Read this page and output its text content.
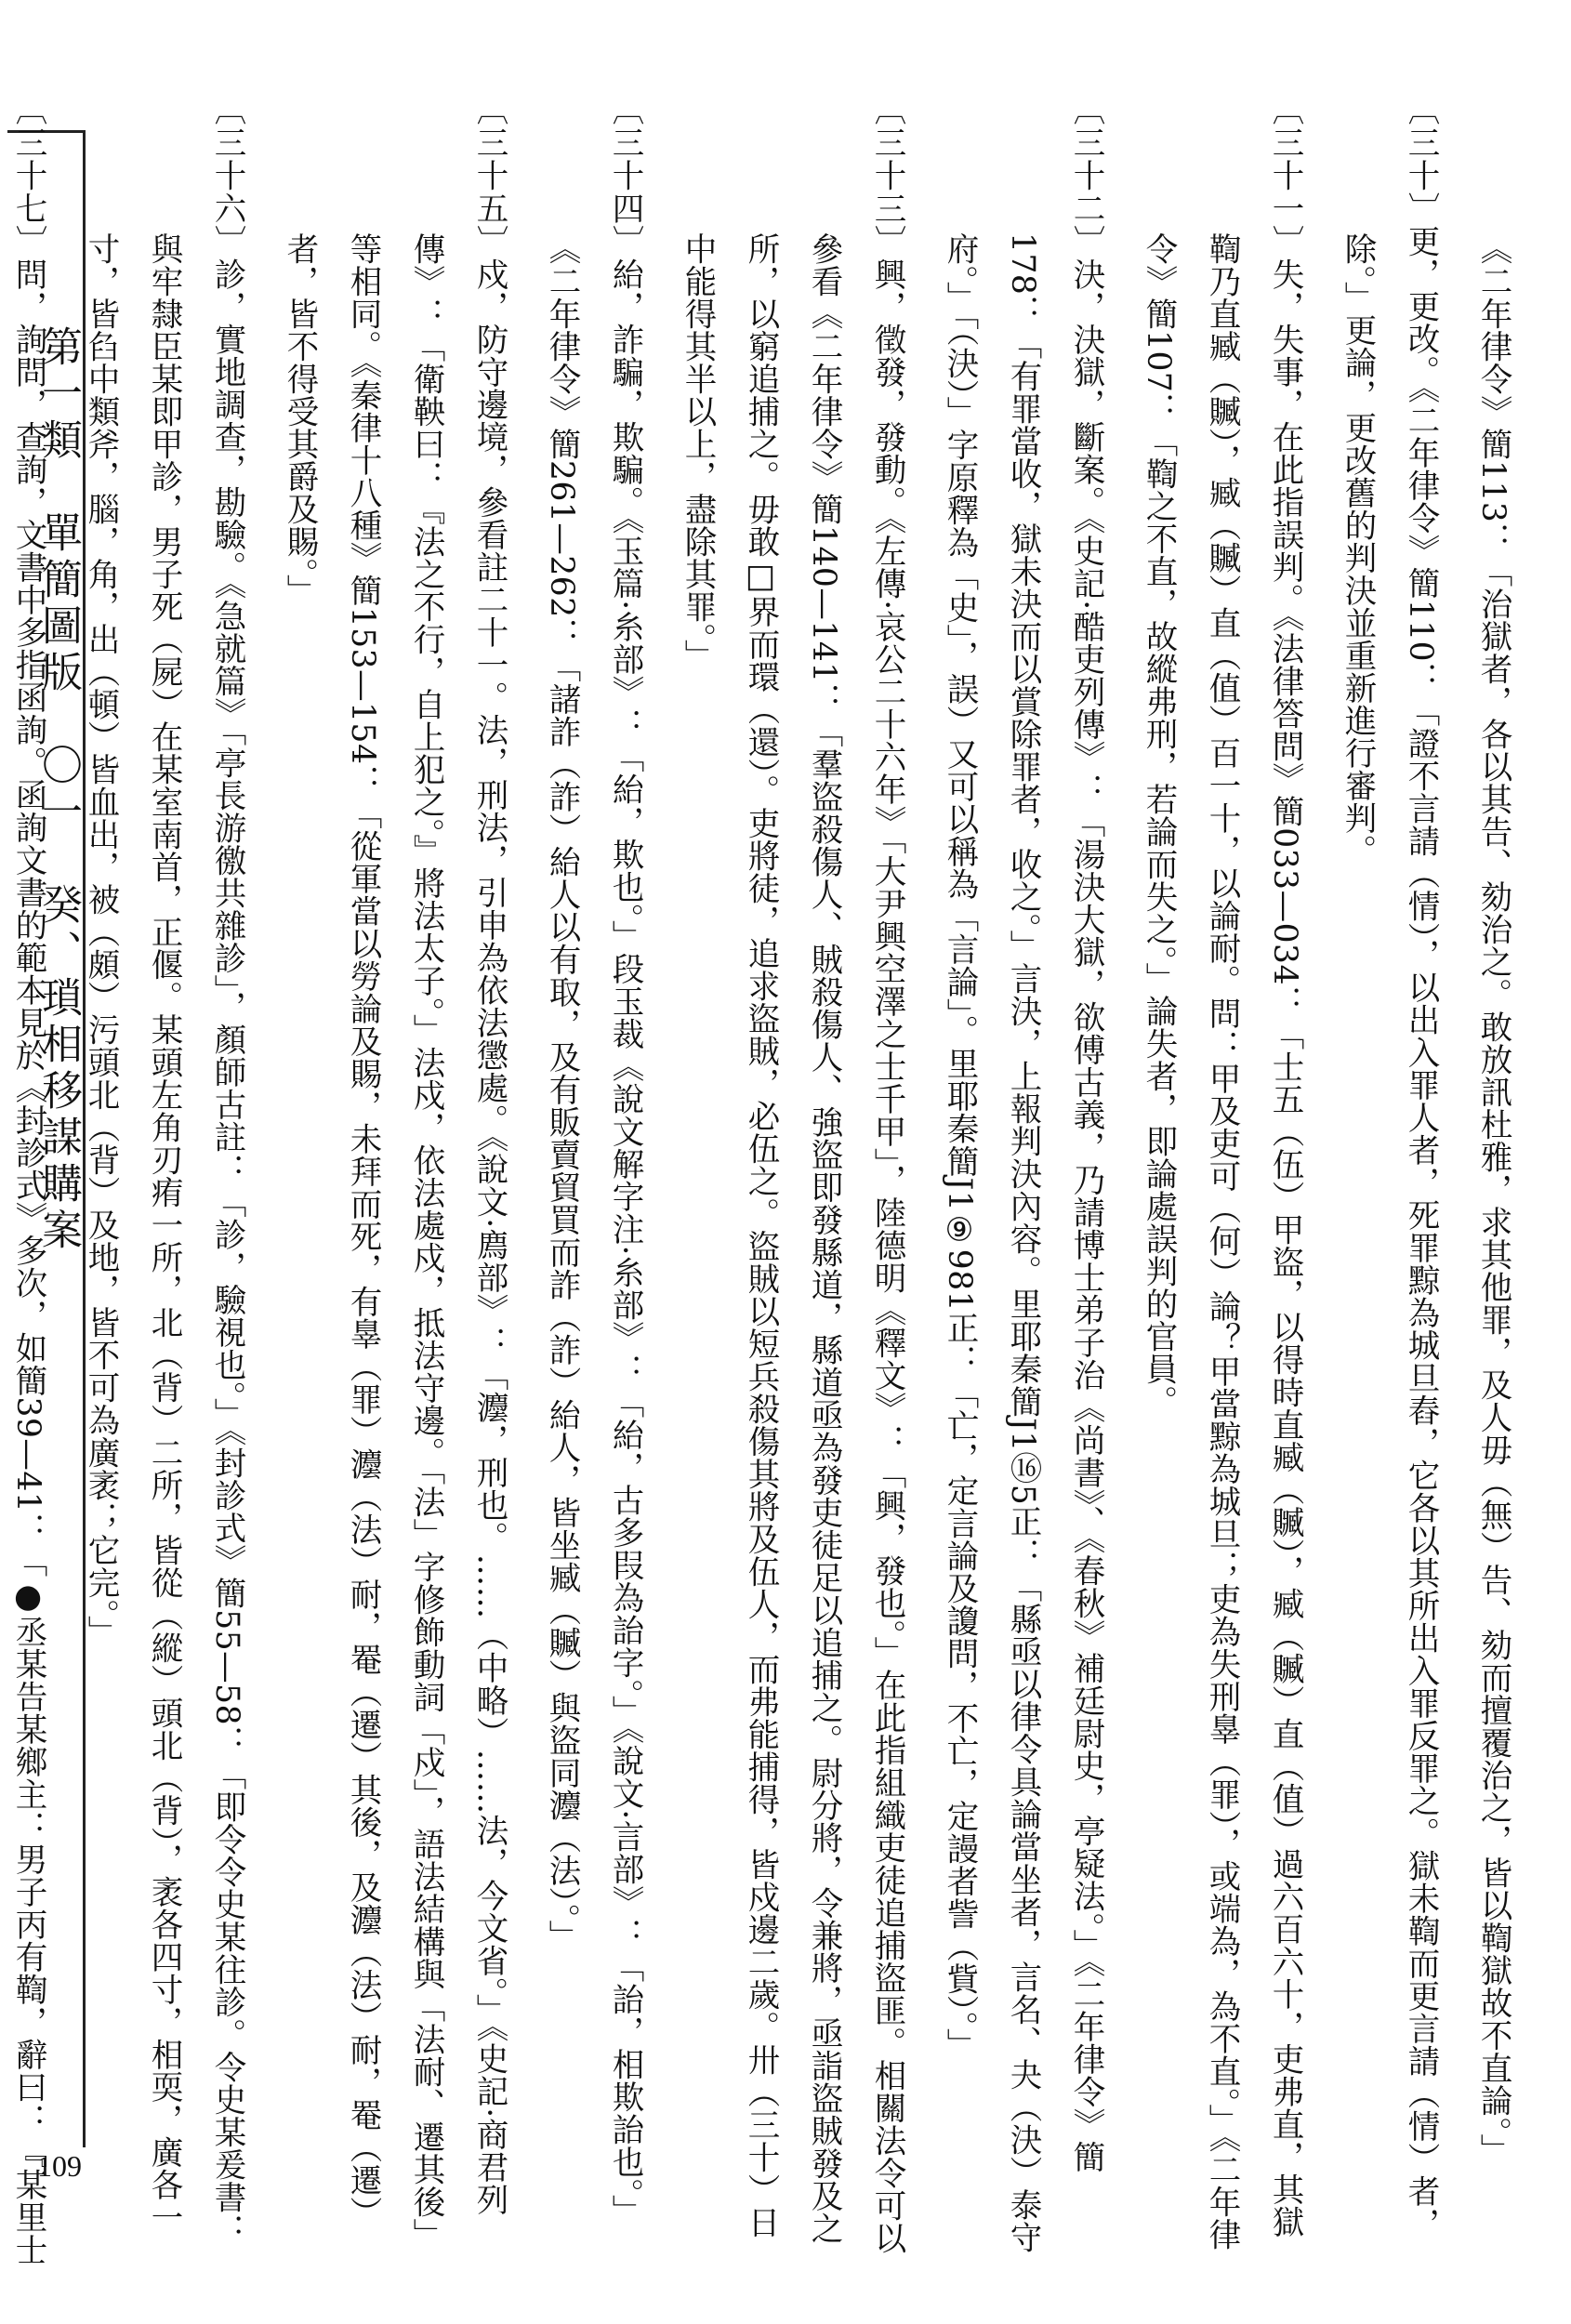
第一類　單簡圖版　〇一　癸、瑣相移謀購案
109	《二年律令》簡113：「治獄者，各以其告、劾治之。敢放訊杜雅，求其他罪，及人毋（無）告、劾而擅覆治之，皆以鞫獄故不直論。」

〔三十〕更，更改。《二年律令》簡110：「證不言請（情），以出入罪人者，死罪黥為城旦舂，它各以其所出入罪反罪之。獄未鞫而更言請（情）者，除。」更論，更改舊的判決並重新進行審判。

〔三十一〕失，失事，在此指誤判。《法律答問》簡033—034：「士五（伍）甲盜，以得時直臧（贓），臧（贓）直（值）過六百六十，吏弗直，其獄鞫乃直臧（贓），臧（贓）直（值）百一十，以論耐。問：甲及吏可（何）論？甲當黥為城旦；吏為失刑辠（罪），或端為，為不直。」《二年律令》簡107：「鞫之不直，故縱弗刑，若論而失之。」論失者，即論處誤判的官員。

〔三十二〕決，決獄，斷案。《史記·酷吏列傳》：「湯決大獄，欲傅古義，乃請博士弟子治《尚書》、《春秋》補廷尉史，亭疑法。」《二年律令》簡178：「有罪當收，獄未決而以賞除罪者，收之。」言決，上報判決內容。里耶秦簡J1⑯5正：「縣亟以律令具論當坐者，言名、夬（決）泰守府。」「（決）」字原釋為「史」，誤）又可以稱為「言論」。里耶秦簡J1⑨981正：「亡，定言論及讂問，不亡，定謾者訾（貲）。」

〔三十三〕興，徵發，發動。《左傳·哀公二十六年》「大尹興空澤之士千甲」，陸德明《釋文》：「興，發也。」在此指組織吏徒追捕盜匪。相關法令可以參看《二年律令》簡140—141：「羣盜殺傷人、賊殺傷人、強盜即發縣道，縣道亟為發吏徒足以追捕之。尉分將，令兼將，亟詣盜賊發及之所，以窮追捕之。毋敢□界而環（還）。吏將徒，追求盜賊，必伍之。盜賊以短兵殺傷其將及伍人，而弗能捕得，皆戍邊二歲。卅（三十）日中能得其半以上，盡除其罪。」

〔三十四〕紿，詐騙，欺騙。《玉篇·糸部》：「紿，欺也。」段玉裁《說文解字注·糸部》：「紿，古多叚為詒字。」《說文·言部》：「詒，相欺詒也。」《二年律令》簡261—262：「諸詐（詐）紿人以有取，及有販賣貿買而詐（詐）紿人，皆坐臧（贓）與盜同灋（法）。」

〔三十五〕戍，防守邊境，參看註二十一。法，刑法，引申為依法懲處。《說文·廌部》：「灋，刑也。……（中略）……法，今文省。」《史記·商君列傳》：「衛鞅曰：『法之不行，自上犯之。』將法太子。」法戍，依法處戍，抵法守邊。「法」字修飾動詞「戍」，語法結構與「法耐、遷其後」等相同。《秦律十八種》簡153—154：「從軍當以勞論及賜，未拜而死，有辠（罪）灋（法）耐，罨（遷）其後，及灋（法）耐，罨（遷）者，皆不得受其爵及賜。」

〔三十六〕診，實地調查，勘驗。《急就篇》「亭長游徼共雜診」，顏師古註：「診，驗視也。」《封診式》簡55—58：「即令令史某往診。令史某爰書：與牢隸臣某即甲診，男子死（屍）在某室南首，正偃。某頭左角刃痏一所，北（背）二所，皆從（縱）頭北（背），袤各四寸，相耎，廣各一寸，皆臽中類斧，腦，角，出（頓）皆血出，被（頗）污頭北（背）及地，皆不可為廣袤；它完。」

〔三十七〕問，詢問，查詢，文書中多指函詢。函詢文書的範本見於《封診式》多次，如簡39—41：「●丞某告某鄉主：男子丙有鞫，辭曰：『某里士
